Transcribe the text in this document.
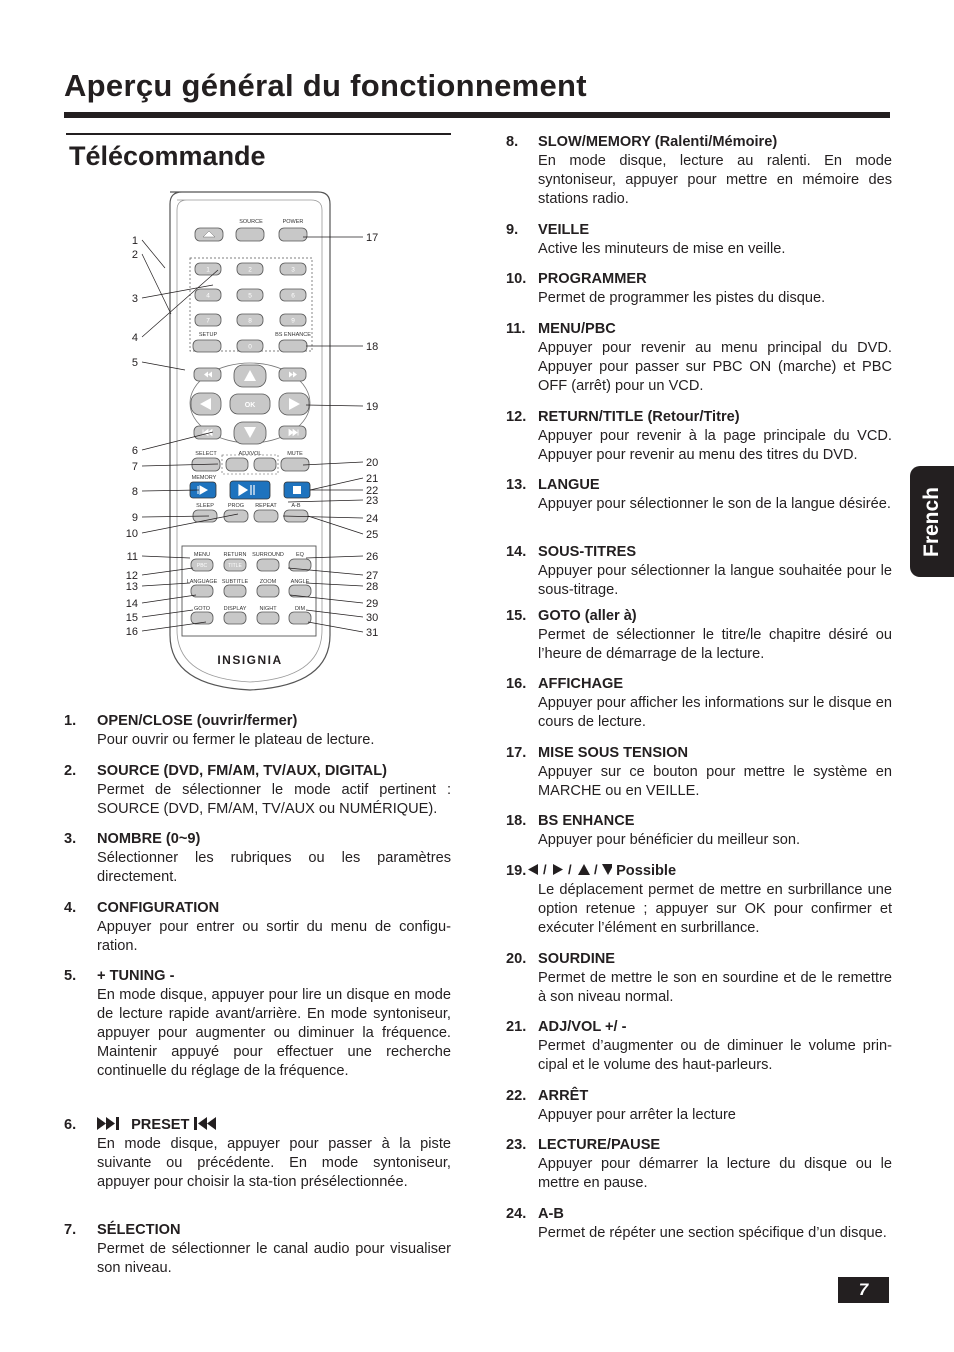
Aperçu général du fonctionnement
Télécommande
SOURCE	POWER
1	2	3
4	5	6
7	8	9
0
SETUP	BS ENHANCE
OK
SELECT	ADJ/VOL	MUTE
MEMORY
SLEEP	PROG REPEAT	A-B
MENU
PBC
RETURN
TITLE
SURROUND EQ
LANGUAGE SUBTITLE ZOOM	ANGLE
GOTO DISPLAY NIGHT	DIM
INSIGNIA
1
2
3
4
5
6
7
8
9
10
11
12
13
14
15
16
17
18
19
20
21
22
23
24
25
26
27
28
29
30
31
1. OPEN/CLOSE (ouvrir/fermer)
Pour ouvrir ou fermer le plateau de lecture.
2. SOURCE (DVD, FM/AM, TV/AUX, DIGITAL)
Permet de sélectionner le mode actif pertinent : SOURCE (DVD, FM/AM, TV/AUX ou NUMÉRIQUE).
3. NOMBRE (0~9)
Sélectionner les rubriques ou les paramètres directement.
4. CONFIGURATION
Appuyer pour entrer ou sortir du menu de configu-ration.
5. + TUNING -
En mode disque, appuyer pour lire un disque en mode de lecture rapide avant/arrière. En mode syntoniseur, appuyer pour augmenter ou diminuer la fréquence. Maintenir appuyé pour effectuer une recherche continuelle du réglage de la fréquence.
6.	PRESET
En mode disque, appuyer pour passer à la piste suivante ou précédente. En mode syntoniseur, appuyer pour choisir la sta-tion présélectionnée.
7. SÉLECTION
Permet de sélectionner le canal audio pour visualiser son niveau.
8. SLOW/MEMORY (Ralenti/Mémoire)
En mode disque, lecture au ralenti. En mode syntoniseur, appuyer pour mettre en mémoire des stations radio.
9. VEILLE
Active les minuteurs de mise en veille.
10. PROGRAMMER
Permet de programmer les pistes du disque.
11. MENU/PBC
Appuyer pour revenir au menu principal du DVD. Appuyer pour passer sur PBC ON (marche) et PBC OFF (arrêt) pour un VCD.
12. RETURN/TITLE (Retour/Titre)
Appuyer pour revenir à la page principale du VCD. Appuyer pour revenir au menu des titres du DVD.
13. LANGUE
Appuyer pour sélectionner le son de la langue désirée.
14. SOUS-TITRES
Appuyer pour sélectionner la langue souhaitée pour le sous-titrage.
15. GOTO (aller à)
Permet de sélectionner le titre/le chapitre désiré ou l’heure de démarrage de la lecture.
16. AFFICHAGE
Appuyer pour afficher les informations sur le disque en cours de lecture.
17. MISE SOUS TENSION
Appuyer sur ce bouton pour mettre le système en MARCHE ou en VEILLE.
18. BS ENHANCE
Appuyer pour bénéficier du meilleur son.
19. / / / Possible
Le déplacement permet de mettre en surbrillance une option retenue ; appuyer sur OK pour confirmer et exécuter l’élément en surbrillance.
20. SOURDINE
Permet de mettre le son en sourdine et de le remettre à son niveau normal.
21. ADJ/VOL +/ -
Permet d’augmenter ou de diminuer le volume prin-cipal et le volume des haut-parleurs.
22. ARRÊT
Appuyer pour arrêter la lecture
23. LECTURE/PAUSE
Appuyer pour démarrer la lecture du disque ou le mettre en pause.
24. A-B
Permet de répéter une section spécifique d’un disque.
French
7
